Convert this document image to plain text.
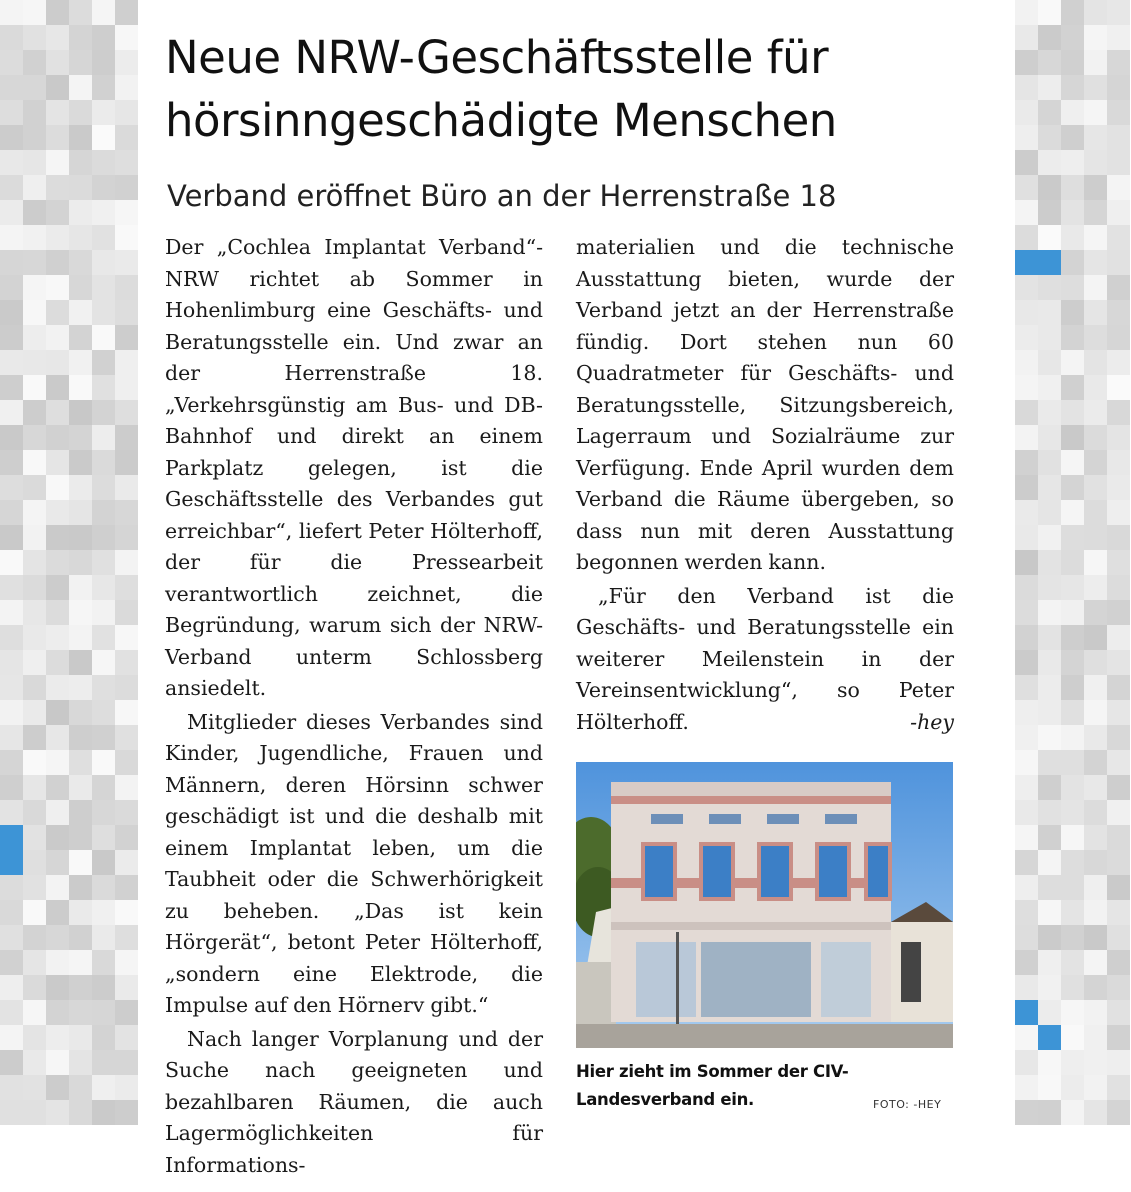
Neue NRW-Geschäftsstelle für
hörsinngeschädigte Menschen
Verband eröffnet Büro an der Herrenstraße 18

Der „Cochlea Implantat Verband“-NRW richtet ab Sommer in Hohenlimburg eine Geschäfts- und Beratungsstelle ein. Und zwar an der Herrenstraße 18. „Verkehrsgünstig am Bus- und DB-Bahnhof und direkt an einem Parkplatz gelegen, ist die Geschäftsstelle des Verbandes gut erreichbar“, liefert Peter Hölterhoff, der für die Pressearbeit verantwortlich zeichnet, die Begründung, warum sich der NRW-Verband unterm Schlossberg ansiedelt.

Mitglieder dieses Verbandes sind Kinder, Jugendliche, Frauen und Männern, deren Hörsinn schwer geschädigt ist und die deshalb mit einem Implantat leben, um die Taubheit oder die Schwerhörigkeit zu beheben. „Das ist kein Hörgerät“, betont Peter Hölterhoff, „sondern eine Elektrode, die Impulse auf den Hörnerv gibt.“

Nach langer Vorplanung und der Suche nach geeigneten und bezahlbaren Räumen, die auch Lagermöglichkeiten für Informations-

materialien und die technische Ausstattung bieten, wurde der Verband jetzt an der Herrenstraße fündig. Dort stehen nun 60 Quadratmeter für Geschäfts- und Beratungsstelle, Sitzungsbereich, Lagerraum und Sozialräume zur Verfügung. Ende April wurden dem Verband die Räume übergeben, so dass nun mit deren Ausstattung begonnen werden kann.

„Für den Verband ist die Geschäfts- und Beratungsstelle ein weiterer Meilenstein in der Vereinsentwicklung“, so Peter Hölterhoff.	-hey

Hier zieht im Sommer der CIV-Landesverband ein.	FOTO: -HEY
